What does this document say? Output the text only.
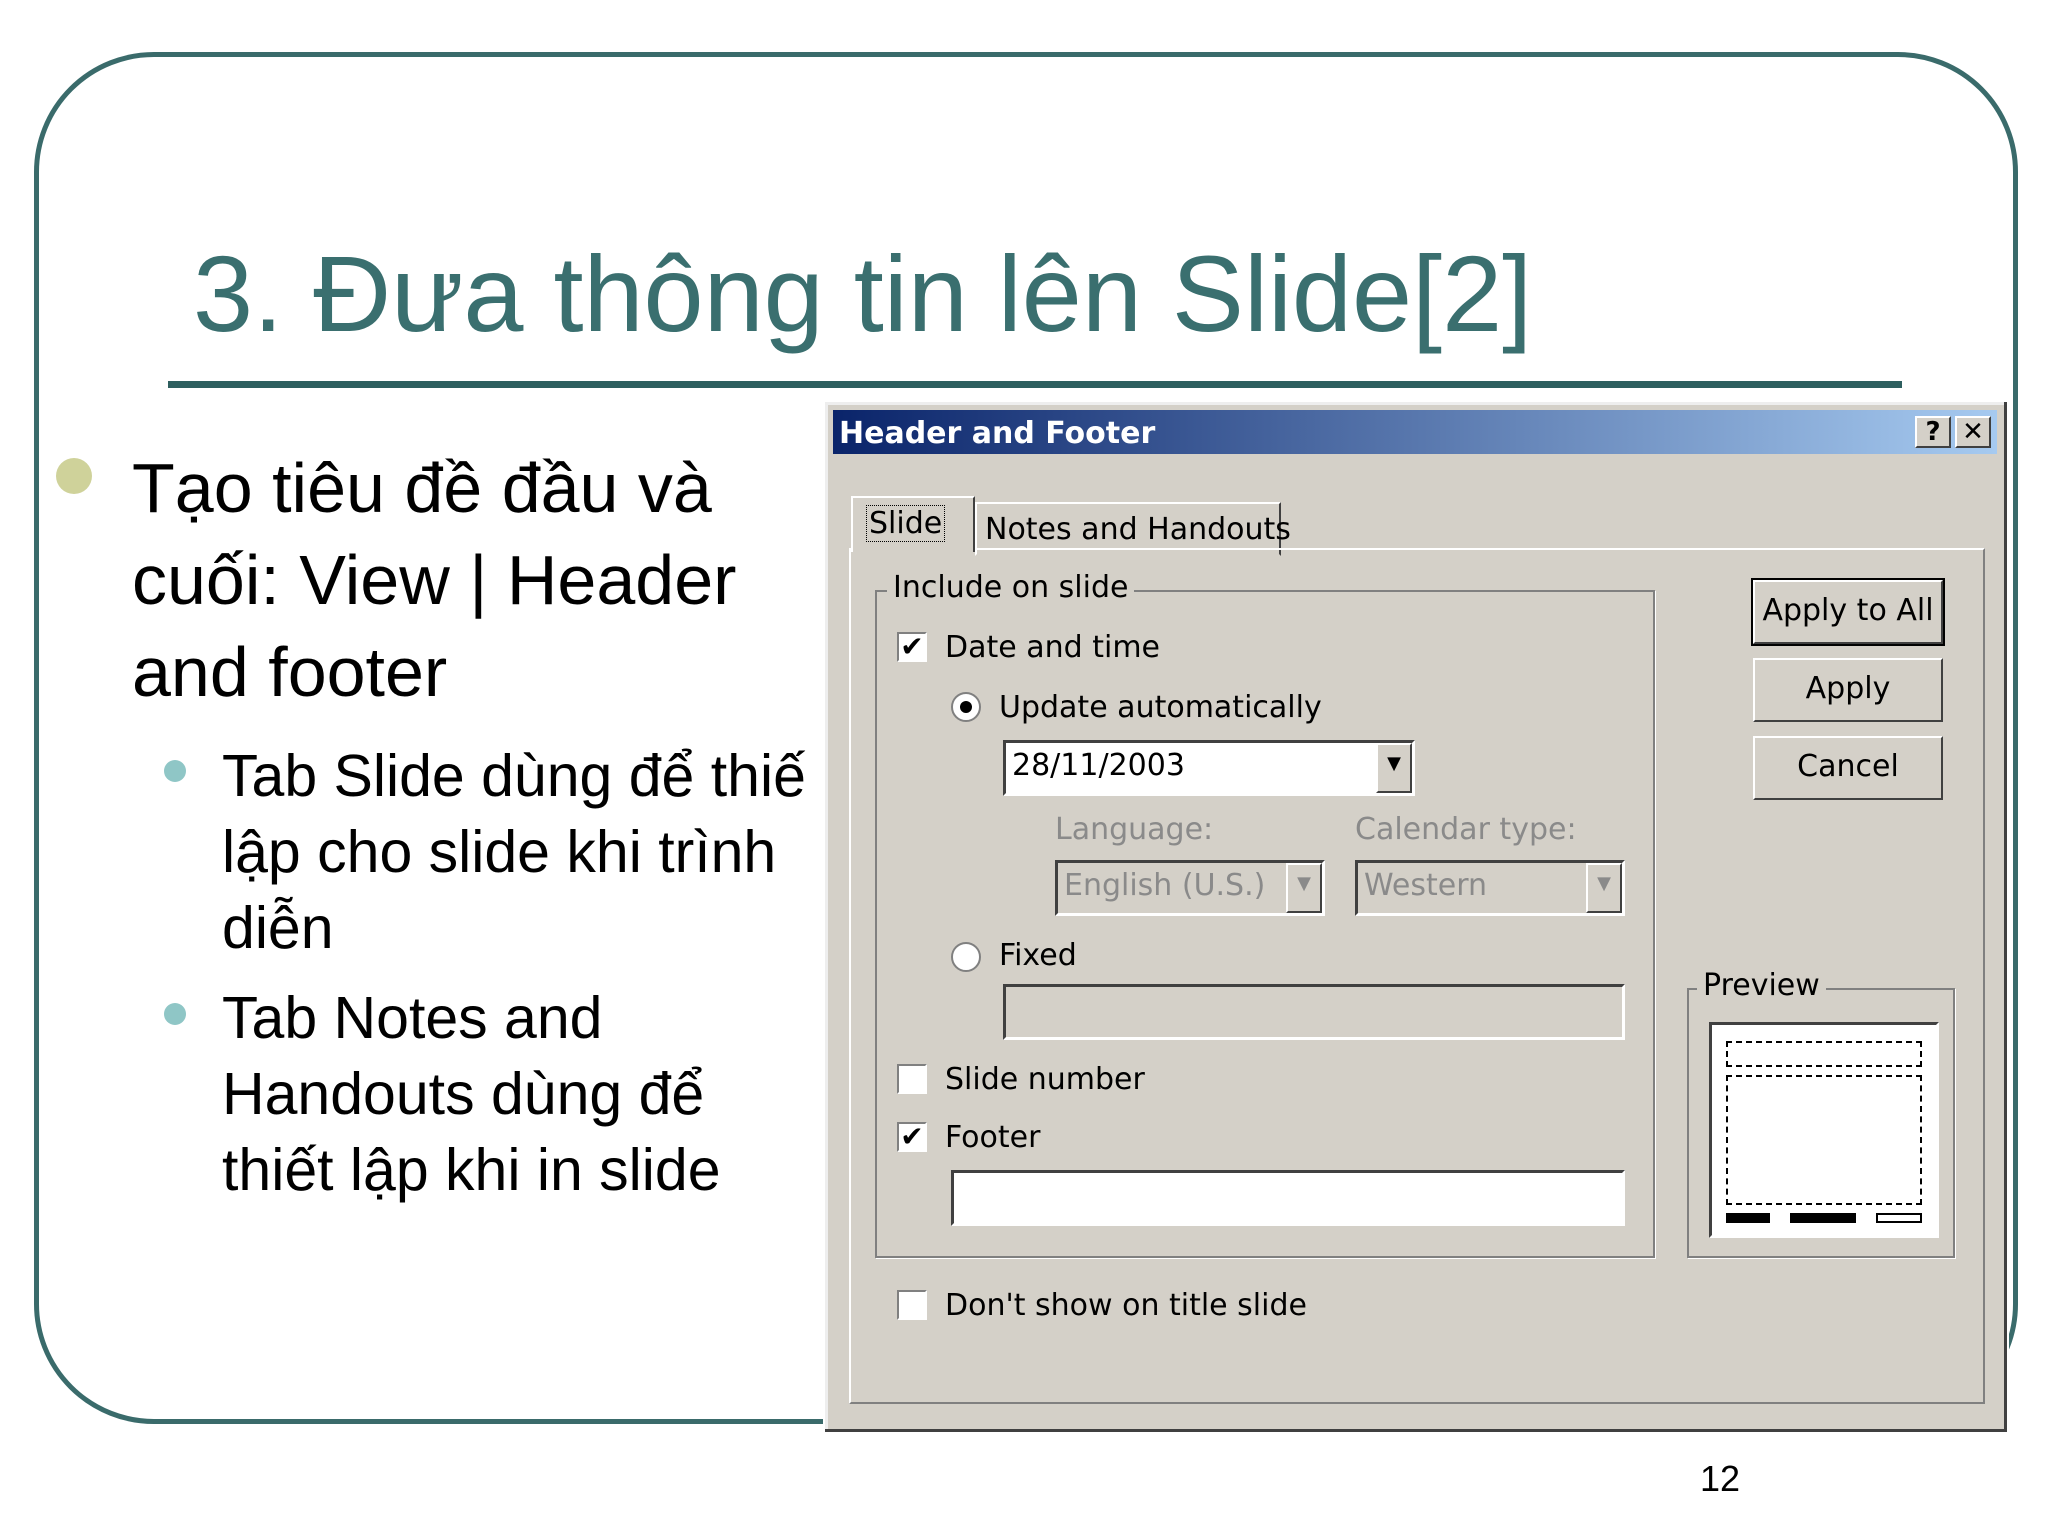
3. Đưa thông tin lên Slide[2]
Tạo tiêu đề đầu và
cuối: View | Header
and footer
Tab Slide dùng để thiế
lập cho slide khi trình
diễn
Tab Notes and
Handouts dùng để
thiết lập khi in slide
12
Header and Footer	? ✕
Slide Notes and Handouts
Include on slide
✔ Date and time
Update automatically
28/11/2003	▼
Language:
English (U.S.)	▼
Calendar type:
Western	▼
Fixed
Slide number
✔ Footer
Don't show on title slide
Apply to All
Apply
Cancel
Preview
